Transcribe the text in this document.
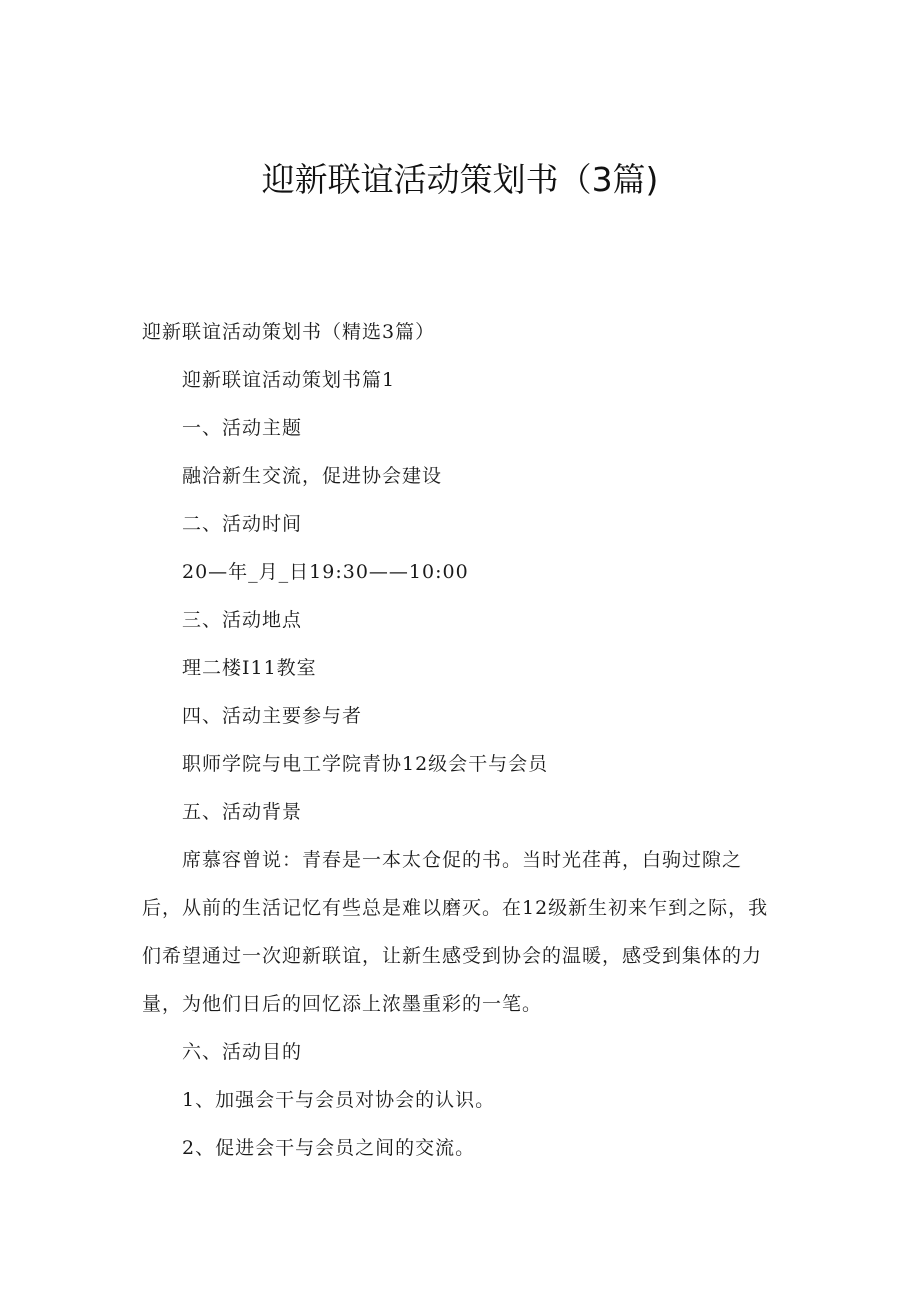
迎新联谊活动策划书（3篇)

迎新联谊活动策划书（精选3篇）

迎新联谊活动策划书篇1

一、活动主题

融洽新生交流，促进协会建设

二、活动时间

20—年_月_日19:30——10:00

三、活动地点

理二楼I11教室

四、活动主要参与者

职师学院与电工学院青协12级会干与会员

五、活动背景

席慕容曾说：青春是一本太仓促的书。当时光荏苒，白驹过隙之后，从前的生活记忆有些总是难以磨灭。在12级新生初来乍到之际，我们希望通过一次迎新联谊，让新生感受到协会的温暖，感受到集体的力量，为他们日后的回忆添上浓墨重彩的一笔。

六、活动目的

1、加强会干与会员对协会的认识。

2、促进会干与会员之间的交流。
